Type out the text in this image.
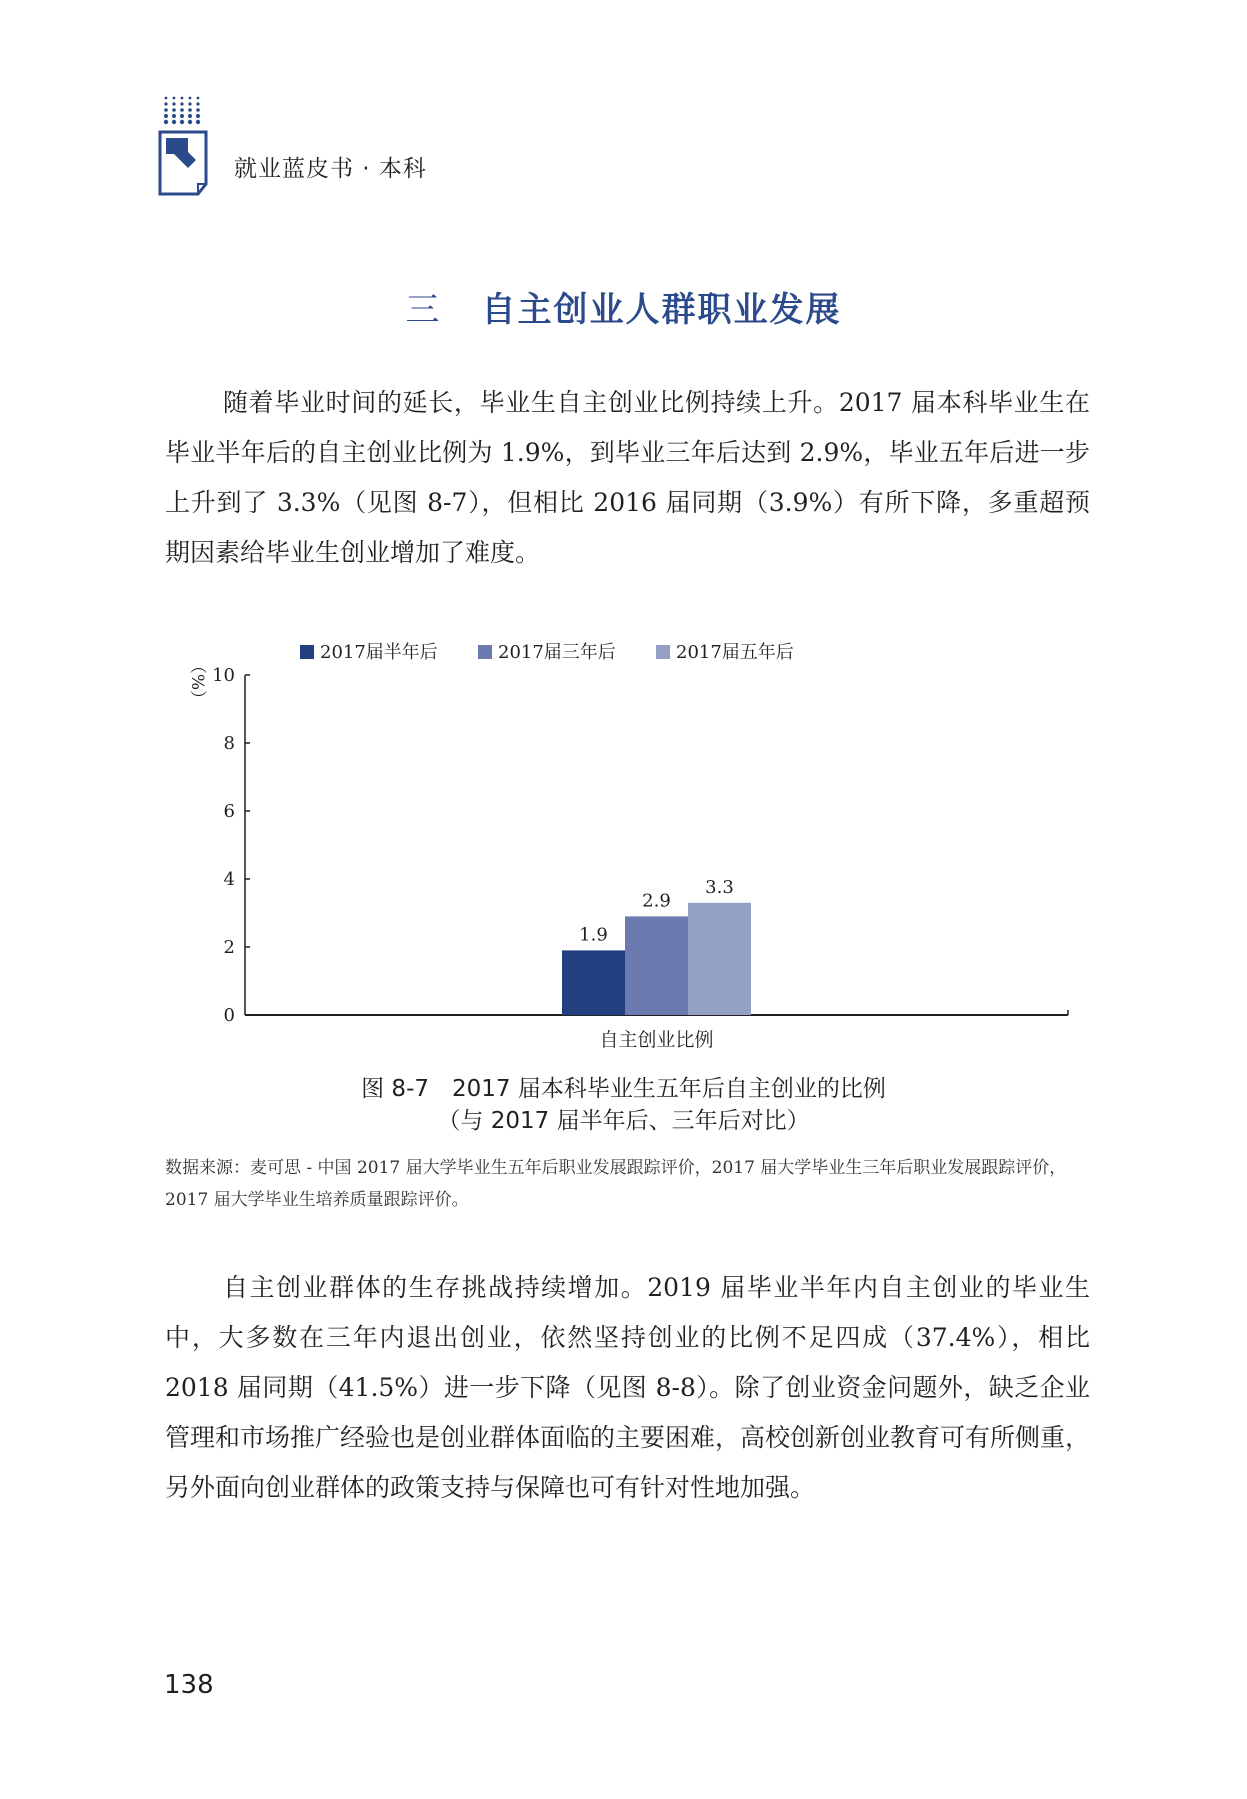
就业蓝皮书 · 本科
三 自主创业人群职业发展

随着毕业时间的延长，毕业生自主创业比例持续上升。2017 届本科毕业生在毕业半年后的自主创业比例为 1.9%，到毕业三年后达到 2.9%，毕业五年后进一步上升到了 3.3%（见图 8-7），但相比 2016 届同期（3.9%）有所下降，多重超预期因素给毕业生创业增加了难度。

2017届半年后	2017届三年后	2017届五年后
（%）
0
2
4
6
8
10
1.9
2.9
3.3
自主创业比例
图 8-7　2017 届本科毕业生五年后自主创业的比例
（与 2017 届半年后、三年后对比）
数据来源：麦可思 - 中国 2017 届大学毕业生五年后职业发展跟踪评价，2017 届大学毕业生三年后职业发展跟踪评价，2017 届大学毕业生培养质量跟踪评价。

自主创业群体的生存挑战持续增加。2019 届毕业半年内自主创业的毕业生中，大多数在三年内退出创业，依然坚持创业的比例不足四成（37.4%），相比 2018 届同期（41.5%）进一步下降（见图 8-8）。除了创业资金问题外，缺乏企业管理和市场推广经验也是创业群体面临的主要困难，高校创新创业教育可有所侧重，另外面向创业群体的政策支持与保障也可有针对性地加强。

138
